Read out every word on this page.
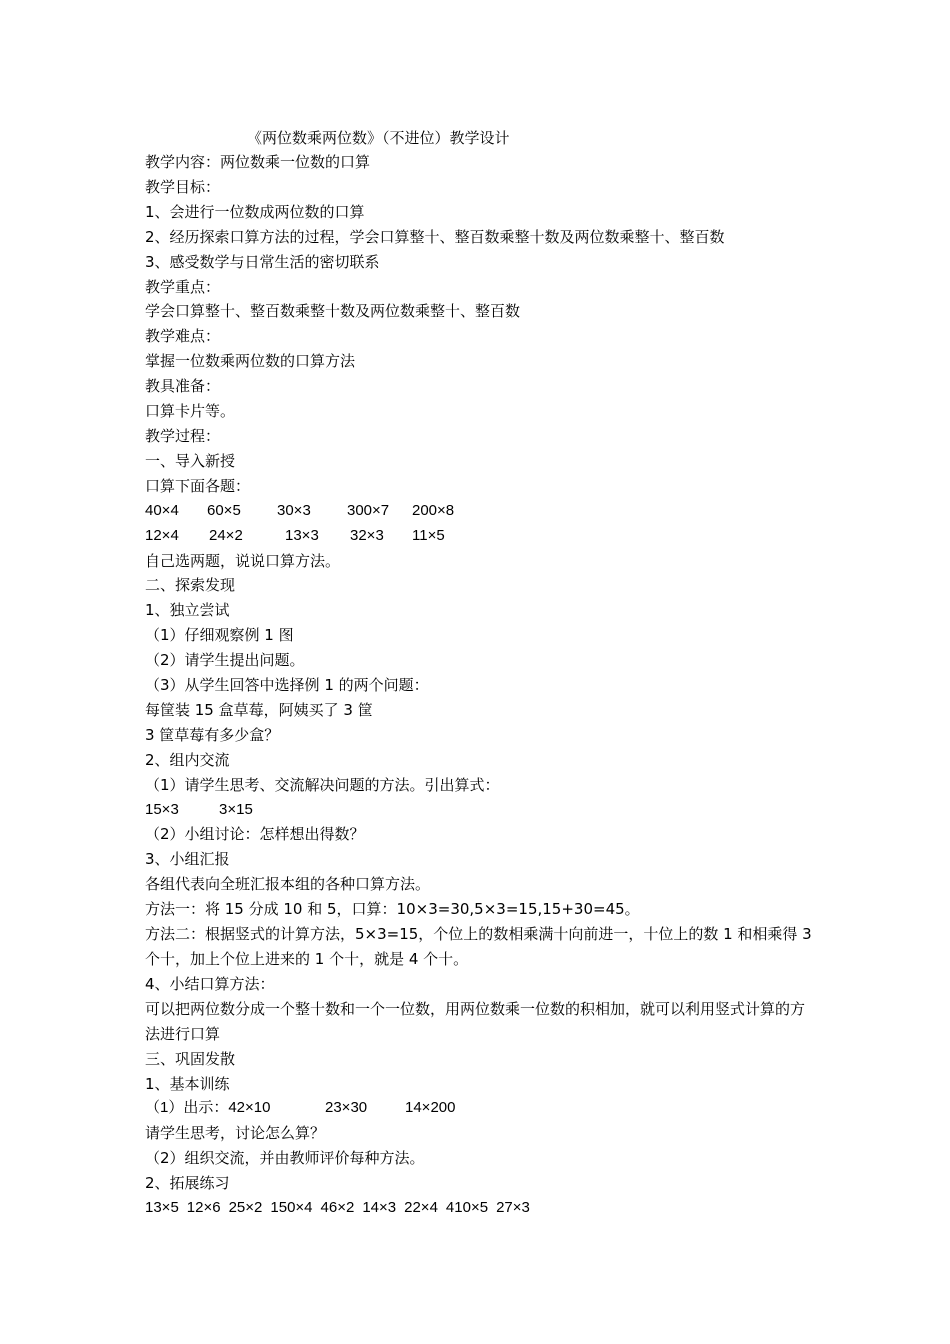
《两位数乘两位数》（不进位）教学设计
教学内容：两位数乘一位数的口算
教学目标：
1、会进行一位数成两位数的口算
2、经历探索口算方法的过程，学会口算整十、整百数乘整十数及两位数乘整十、整百数
3、感受数学与日常生活的密切联系
教学重点：
学会口算整十、整百数乘整十数及两位数乘整十、整百数
教学难点：
掌握一位数乘两位数的口算方法
教具准备：
口算卡片等。
教学过程：
一、导入新授
口算下面各题：
40×4	60×5	30×3	300×7	200×8
12×4	24×2	13×3	32×3	11×5
自己选两题，说说口算方法。
二、探索发现
1、独立尝试
（1）仔细观察例 1 图
（2）请学生提出问题。
（3）从学生回答中选择例 1 的两个问题：
每筐装 15 盒草莓，阿姨买了 3 筐
3 筐草莓有多少盒？
2、组内交流
（1）请学生思考、交流解决问题的方法。引出算式：
15×3	3×15
（2）小组讨论：怎样想出得数？
3、小组汇报
各组代表向全班汇报本组的各种口算方法。
方法一：将 15 分成 10 和 5，口算：10×3=30,5×3=15,15+30=45。
方法二：根据竖式的计算方法，5×3=15，个位上的数相乘满十向前进一，十位上的数 1 和相乘得 3 个十，加上个位上进来的 1 个十，就是 4 个十。
4、小结口算方法：
可以把两位数分成一个整十数和一个一位数，用两位数乘一位数的积相加，就可以利用竖式计算的方法进行口算
三、巩固发散
1、基本训练
（1）出示：42×10	23×30	14×200
请学生思考，讨论怎么算？
（2）组织交流，并由教师评价每种方法。
2、拓展练习
13×5 12×6 25×2 150×4 46×2 14×3 22×4 410×5 27×3
